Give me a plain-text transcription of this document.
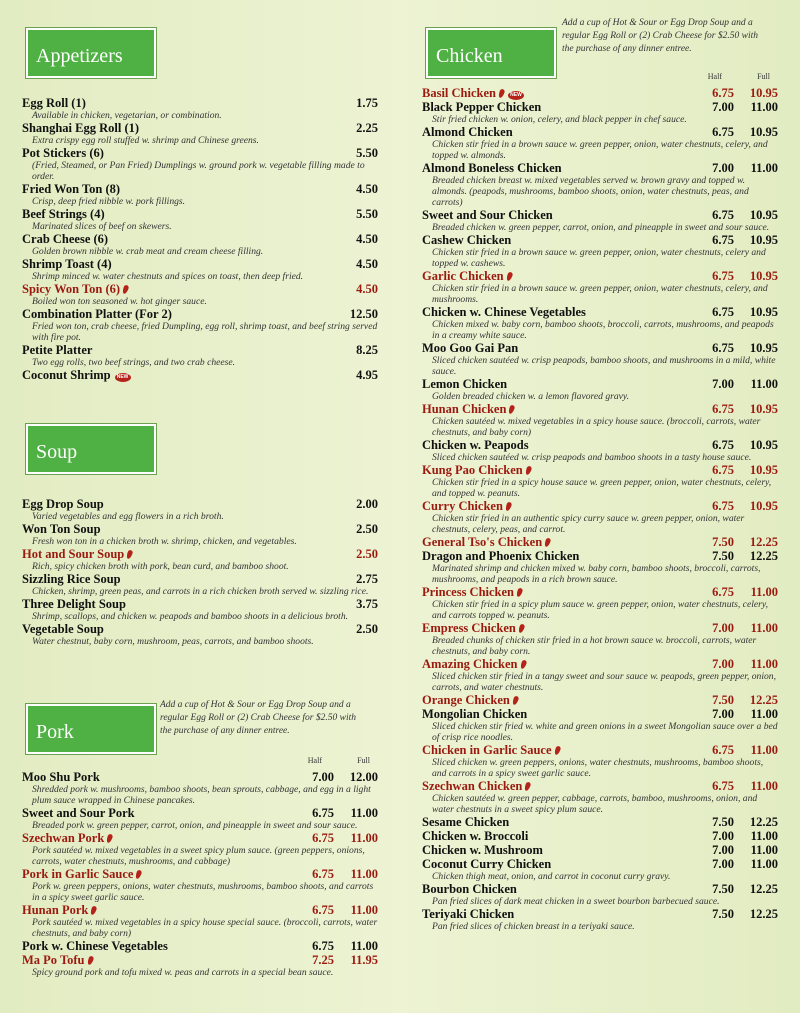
Appetizers
Egg Roll (1)	1.75
Available in chicken, vegetarian, or combination.
Shanghai Egg Roll (1)	2.25
Extra crispy egg roll stuffed w. shrimp and Chinese greens.
Pot Stickers (6)	5.50
(Fried, Steamed, or Pan Fried) Dumplings w. ground pork w. vegetable filling made to order.
Fried Won Ton (8)	4.50
Crisp, deep fried nibble w. pork fillings.
Beef Strings (4)	5.50
Marinated slices of beef on skewers.
Crab Cheese (6)	4.50
Golden brown nibble w. crab meat and cream cheese filling.
Shrimp Toast (4)	4.50
Shrimp minced w. water chestnuts and spices on toast, then deep fried.
Spicy Won Ton (6)	4.50
Boiled won ton seasoned w. hot ginger sauce.
Combination Platter (For 2)	12.50
Fried won ton, crab cheese, fried Dumpling, egg roll, shrimp toast, and beef string served with fire pot.
Petite Platter	8.25
Two egg rolls, two beef strings, and two crab cheese.
Coconut Shrimp NEW	4.95
Soup
Egg Drop Soup	2.00
Varied vegetables and egg flowers in a rich broth.
Won Ton Soup	2.50
Fresh won ton in a chicken broth w. shrimp, chicken, and vegetables.
Hot and Sour Soup	2.50
Rich, spicy chicken broth with pork, bean curd, and bamboo shoot.
Sizzling Rice Soup	2.75
Chicken, shrimp, green peas, and carrots in a rich chicken broth served w. sizzling rice.
Three Delight Soup	3.75
Shrimp, scallops, and chicken w. peapods and bamboo shoots in a delicious broth.
Vegetable Soup	2.50
Water chestnut, baby corn, mushroom, peas, carrots, and bamboo shoots.
Pork
Add a cup of Hot & Sour or Egg Drop Soup and a regular Egg Roll or (2) Crab Cheese for $2.50 with the purchase of any dinner entree.
Half	Full
Moo Shu Pork	7.00	12.00
Shredded pork w. mushrooms, bamboo shoots, bean sprouts, cabbage, and egg in a light plum sauce wrapped in Chinese pancakes.
Sweet and Sour Pork	6.75	11.00
Breaded pork w. green pepper, carrot, onion, and pineapple in sweet and sour sauce.
Szechwan Pork	6.75	11.00
Pork sautéed w. mixed vegetables in a sweet spicy plum sauce. (green peppers, onions, carrots, water chestnuts, mushrooms, and cabbage)
Pork in Garlic Sauce	6.75	11.00
Pork w. green peppers, onions, water chestnuts, mushrooms, bamboo shoots, and carrots in a spicy sweet garlic sauce.
Hunan Pork	6.75	11.00
Pork sautéed w. mixed vegetables in a spicy house special sauce. (broccoli, carrots, water chestnuts, and baby corn)
Pork w. Chinese Vegetables	6.75	11.00
Ma Po Tofu	7.25	11.95
Spicy ground pork and tofu mixed w. peas and carrots in a special bean sauce.
Chicken
Add a cup of Hot & Sour or Egg Drop Soup and a regular Egg Roll or (2) Crab Cheese for $2.50 with the purchase of any dinner entree.
Half	Full
Basil Chicken	NEW	6.75	10.95
Black Pepper Chicken	7.00	11.00
Stir fried chicken w. onion, celery, and black pepper in chef sauce.
Almond Chicken	6.75	10.95
Chicken stir fried in a brown sauce w. green pepper, onion, water chestnuts, celery, and topped w. almonds.
Almond Boneless Chicken	7.00	11.00
Breaded chicken breast w. mixed vegetables served w. brown gravy and topped w. almonds. (peapods, mushrooms, bamboo shoots, onion, water chestnuts, peas, and carrots)
Sweet and Sour Chicken	6.75	10.95
Breaded chicken w. green pepper, carrot, onion, and pineapple in sweet and sour sauce.
Cashew Chicken	6.75	10.95
Chicken stir fried in a brown sauce w. green pepper, onion, water chestnuts, celery and topped w. cashews.
Garlic Chicken	6.75	10.95
Chicken stir fried in a brown sauce w. green pepper, onion, water chestnuts, celery, and mushrooms.
Chicken w. Chinese Vegetables	6.75	10.95
Chicken mixed w. baby corn, bamboo shoots, broccoli, carrots, mushrooms, and peapods in a creamy white sauce.
Moo Goo Gai Pan	6.75	10.95
Sliced chicken sautéed w. crisp peapods, bamboo shoots, and mushrooms in a mild, white sauce.
Lemon Chicken	7.00	11.00
Golden breaded chicken w. a lemon flavored gravy.
Hunan Chicken	6.75	10.95
Chicken sautéed w. mixed vegetables in a spicy house sauce. (broccoli, carrots, water chestnuts, and baby corn)
Chicken w. Peapods	6.75	10.95
Sliced chicken sautéed w. crisp peapods and bamboo shoots in a tasty house sauce.
Kung Pao Chicken	6.75	10.95
Chicken stir fried in a spicy house sauce w. green pepper, onion, water chestnuts, celery, and topped w. peanuts.
Curry Chicken	6.75	10.95
Chicken stir fried in an authentic spicy curry sauce w. green pepper, onion, water chestnuts, celery, peas, and carrot.
General Tso's Chicken	7.50	12.25
Dragon and Phoenix Chicken	7.50	12.25
Marinated shrimp and chicken mixed w. baby corn, bamboo shoots, broccoli, carrots, mushrooms, and peapods in a rich brown sauce.
Princess Chicken	6.75	11.00
Chicken stir fried in a spicy plum sauce w. green pepper, onion, water chestnuts, celery, and carrots topped w. peanuts.
Empress Chicken	7.00	11.00
Breaded chunks of chicken stir fried in a hot brown sauce w. broccoli, carrots, water chestnuts, and baby corn.
Amazing Chicken	7.00	11.00
Sliced chicken stir fried in a tangy sweet and sour sauce w. peapods, green pepper, onion, carrots, and water chestnuts.
Orange Chicken	7.50	12.25
Mongolian Chicken	7.00	11.00
Sliced chicken stir fried w. white and green onions in a sweet Mongolian sauce over a bed of crisp rice noodles.
Chicken in Garlic Sauce	6.75	11.00
Sliced chicken w. green peppers, onions, water chestnuts, mushrooms, bamboo shoots, and carrots in a spicy sweet garlic sauce.
Szechwan Chicken	6.75	11.00
Chicken sautéed w. green pepper, cabbage, carrots, bamboo, mushrooms, onion, and water chestnuts in a sweet spicy plum sauce.
Sesame Chicken	7.50	12.25
Chicken w. Broccoli	7.00	11.00
Chicken w. Mushroom	7.00	11.00
Coconut Curry Chicken	7.00	11.00
Chicken thigh meat, onion, and carrot in coconut curry gravy.
Bourbon Chicken	7.50	12.25
Pan fried slices of dark meat chicken in a sweet bourbon barbecued sauce.
Teriyaki Chicken	7.50	12.25
Pan fried slices of chicken breast in a teriyaki sauce.
